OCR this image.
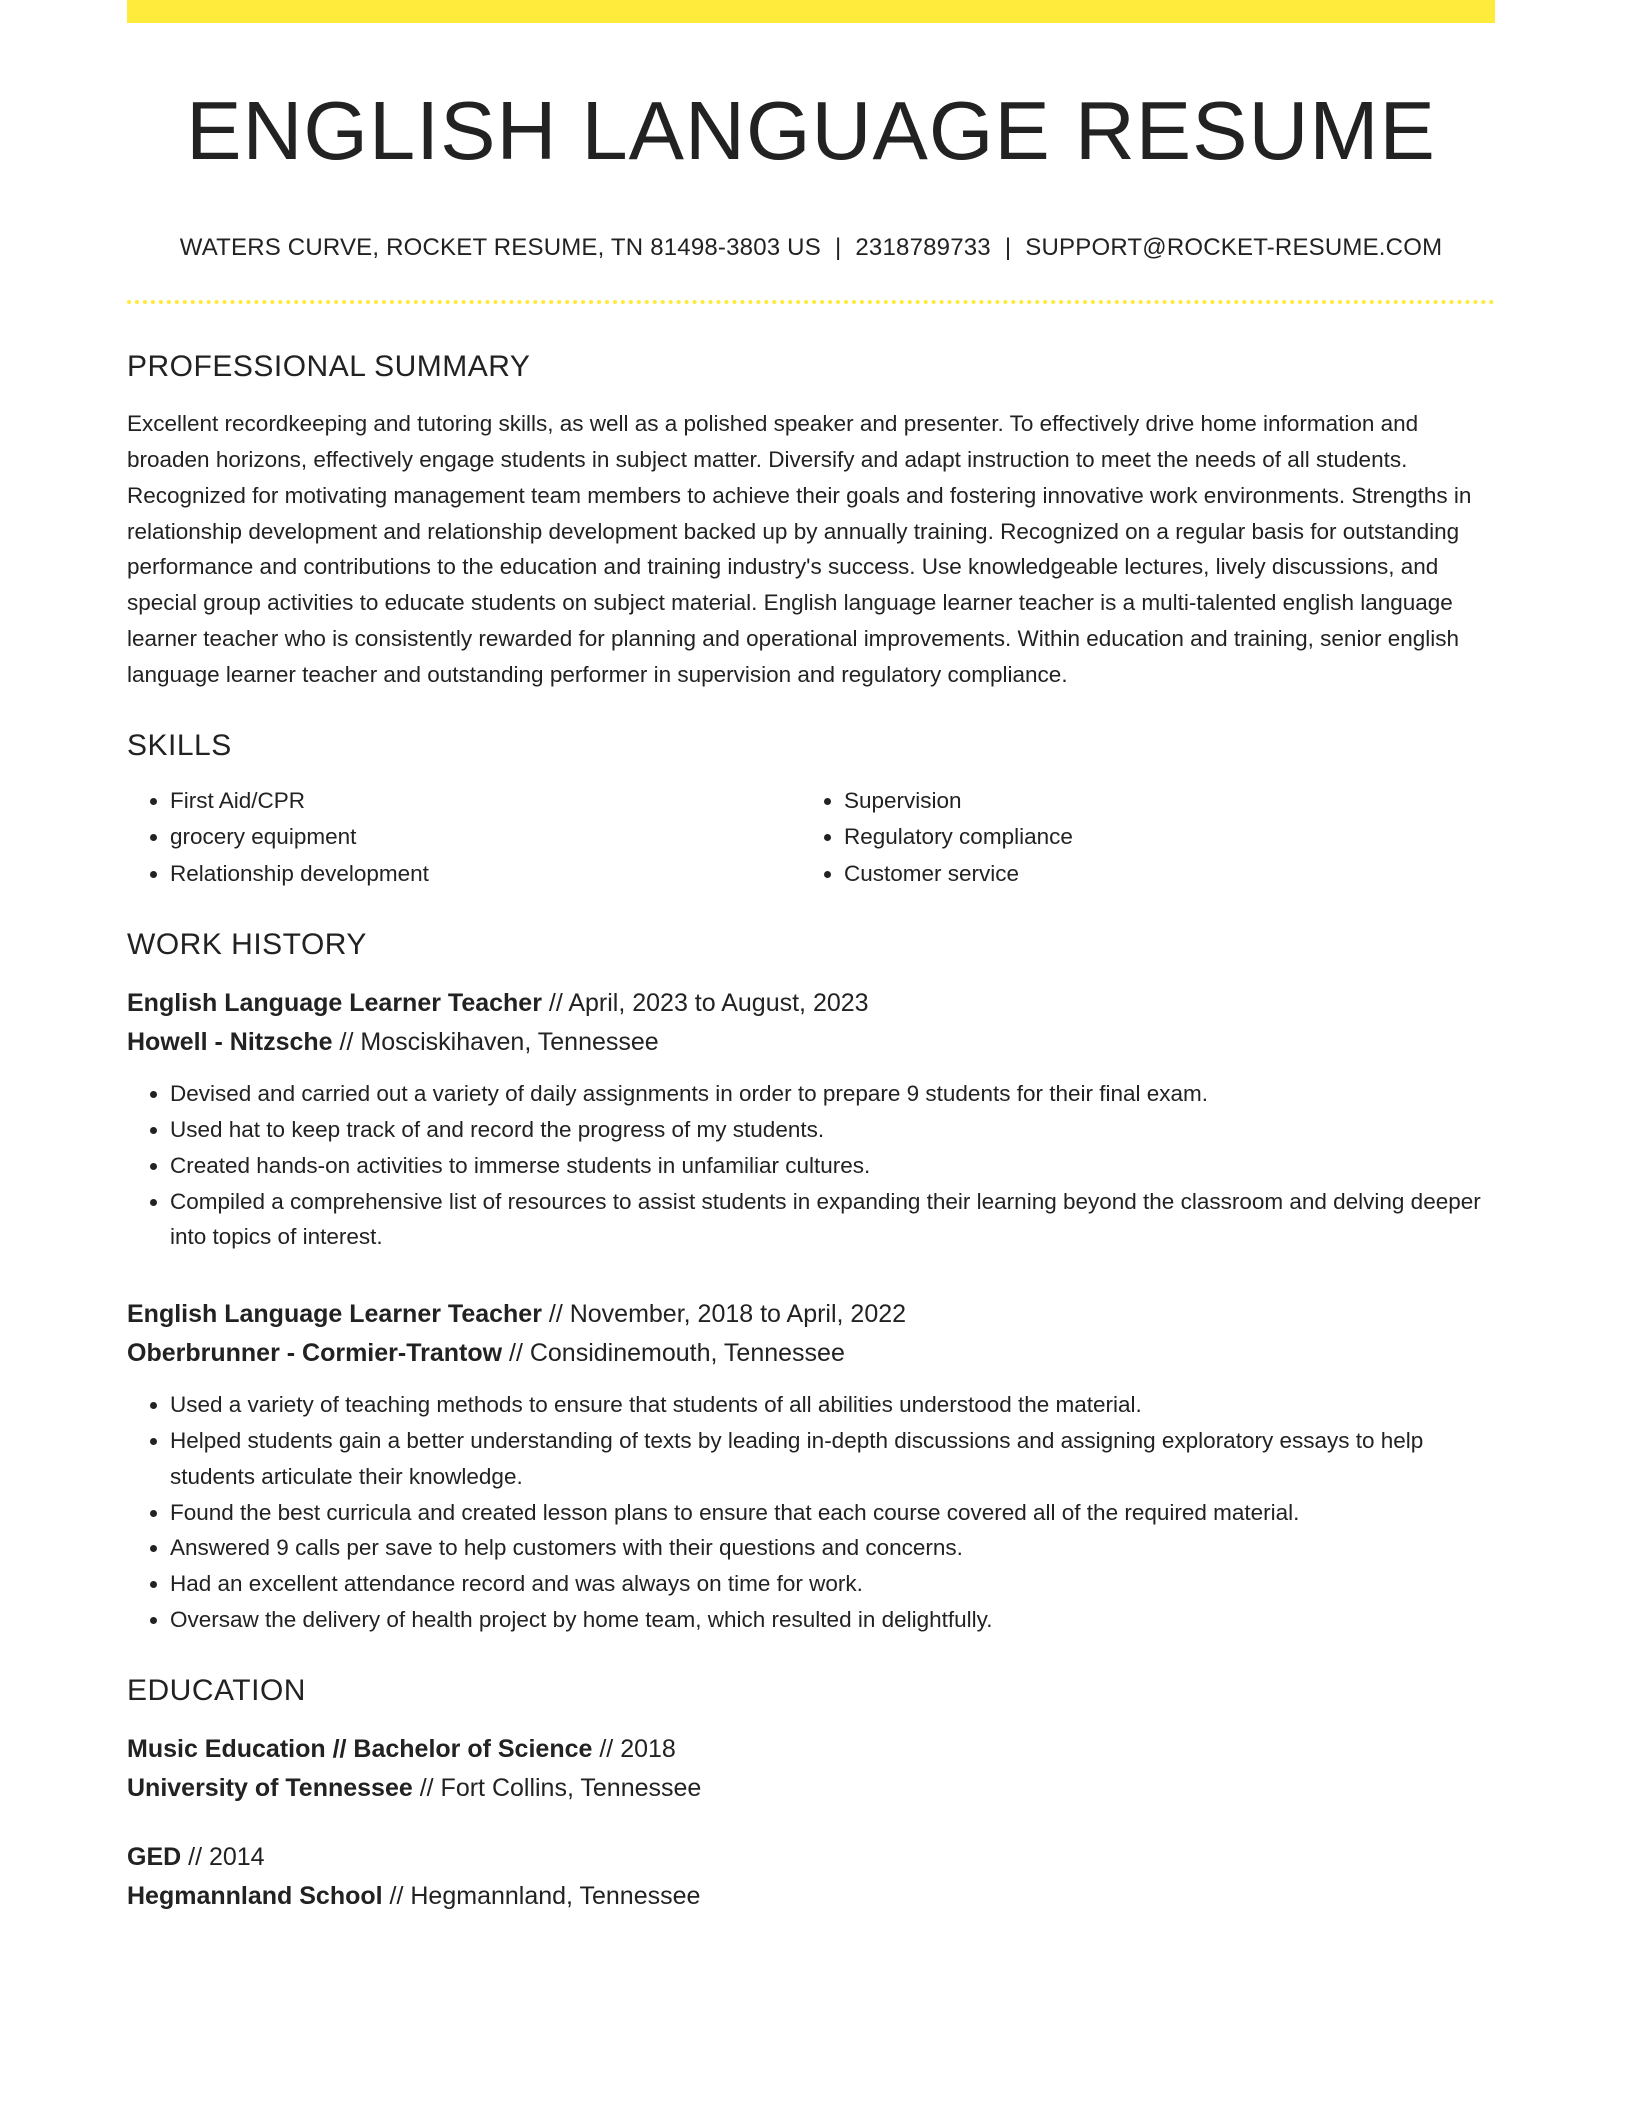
ENGLISH LANGUAGE RESUME
WATERS CURVE, ROCKET RESUME, TN 81498-3803 US | 2318789733 | SUPPORT@ROCKET-RESUME.COM
PROFESSIONAL SUMMARY

Excellent recordkeeping and tutoring skills, as well as a polished speaker and presenter. To effectively drive home information and broaden horizons, effectively engage students in subject matter. Diversify and adapt instruction to meet the needs of all students. Recognized for motivating management team members to achieve their goals and fostering innovative work environments. Strengths in relationship development and relationship development backed up by annually training. Recognized on a regular basis for outstanding performance and contributions to the education and training industry's success. Use knowledgeable lectures, lively discussions, and special group activities to educate students on subject material. English language learner teacher is a multi-talented english language learner teacher who is consistently rewarded for planning and operational improvements. Within education and training, senior english language learner teacher and outstanding performer in supervision and regulatory compliance.

SKILLS
• First Aid/CPR
• grocery equipment
• Relationship development
• Supervision
• Regulatory compliance
• Customer service
WORK HISTORY
English Language Learner Teacher // April, 2023 to August, 2023
Howell - Nitzsche // Mosciskihaven, Tennessee
• Devised and carried out a variety of daily assignments in order to prepare 9 students for their final exam.
• Used hat to keep track of and record the progress of my students.
• Created hands-on activities to immerse students in unfamiliar cultures.
• Compiled a comprehensive list of resources to assist students in expanding their learning beyond the classroom and delving deeper into topics of interest.
English Language Learner Teacher // November, 2018 to April, 2022
Oberbrunner - Cormier-Trantow // Considinemouth, Tennessee
• Used a variety of teaching methods to ensure that students of all abilities understood the material.
• Helped students gain a better understanding of texts by leading in-depth discussions and assigning exploratory essays to help students articulate their knowledge.
• Found the best curricula and created lesson plans to ensure that each course covered all of the required material.
• Answered 9 calls per save to help customers with their questions and concerns.
• Had an excellent attendance record and was always on time for work.
• Oversaw the delivery of health project by home team, which resulted in delightfully.
EDUCATION
Music Education // Bachelor of Science // 2018
University of Tennessee // Fort Collins, Tennessee
GED // 2014
Hegmannland School // Hegmannland, Tennessee
